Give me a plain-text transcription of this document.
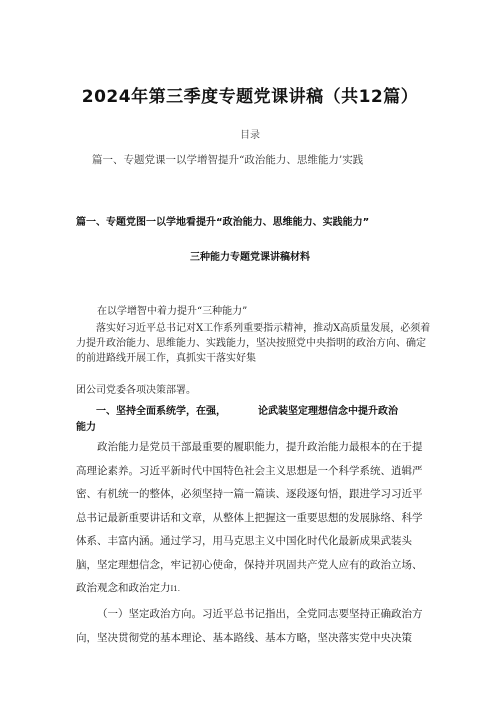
2024年第三季度专题党课讲稿（共12篇）
目录
篇一、专题党课一以学增智提升“政治能力、思维能力’实践
篇一、专题党图一以学地看提升“政治能力、思维能力、实践能力”
三种能力专题党课讲稿材料
在以学增智中着力提升“三种能力”
落实好习近平总书记对X工作系列重要指示精神，推动X高质量发展，必须着力提升政治能力、思维能力、实践能力，坚决按照党中央指明的政治方向、确定的前进路线开展工作，真抓实干落实好集
团公司党委各项决策部署。
一、坚持全面系统学，在强，	论武装坚定理想信念中提升政治
能力
政治能力是党员干部最重要的履职能力，提升政治能力最根本的在于提高理论素养。习近平新时代中国特色社会主义思想是一个科学系统、逍辑严密、有机统一的整体，必须坚持一篇一篇读、逐段逐句悟，跟进学习习近平总书记最新重要讲话和文章，从整体上把握这一重要思想的发展脉络、科学体系、丰富内涵。通过学习，用马克思主义中国化时代化最新成果武装头脑，坚定理想信念，牢记初心使命，保持并巩固共产党人应有的政治立场、政治观念和政治定力I1.
（一）坚定政治方向。习近平总书记指出，全党同志要坚持正确政治方向，坚决贯彻党的基本理论、基本路线、基本方略，坚决落实党中央决策
